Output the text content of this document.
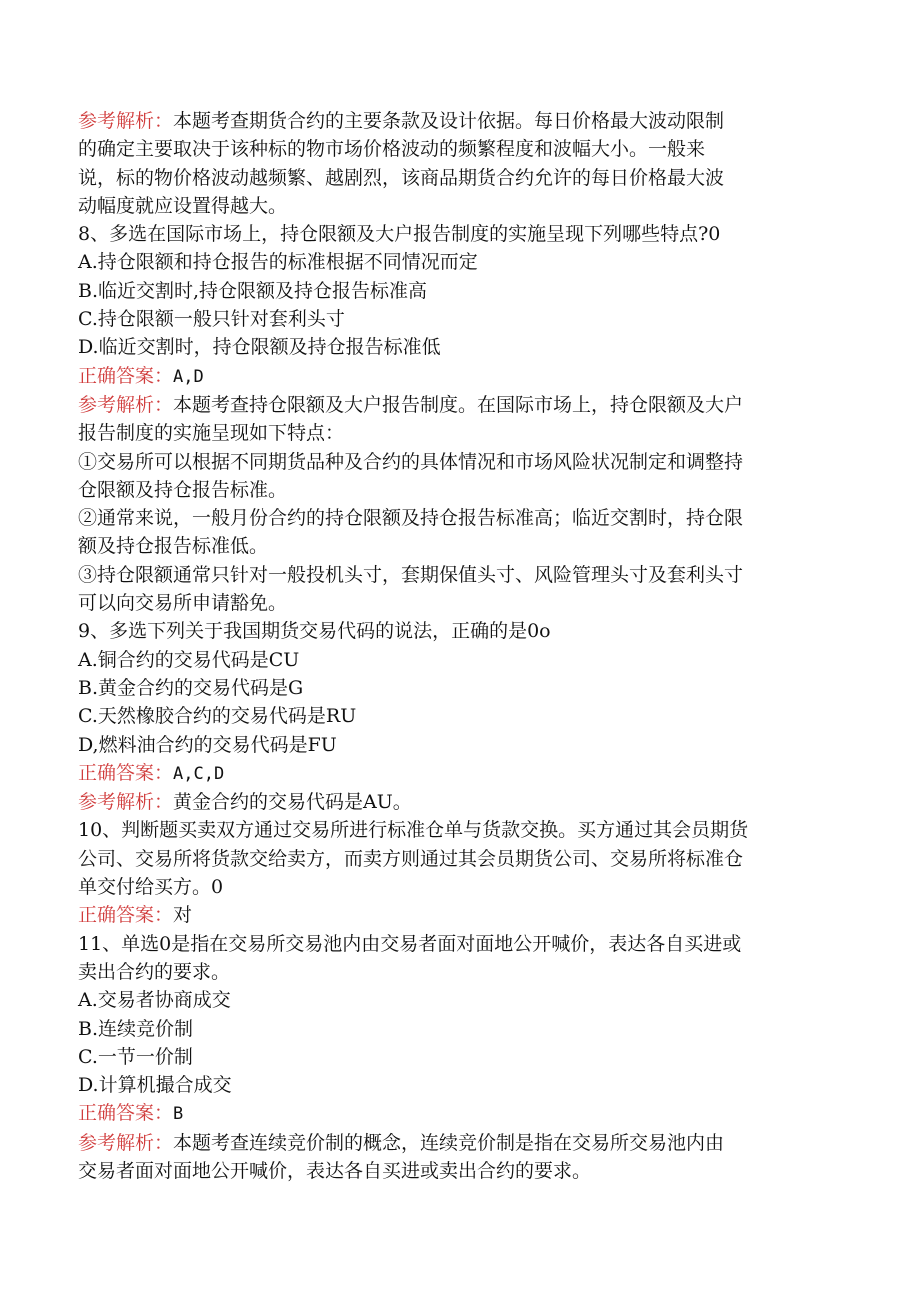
参考解析：本题考查期货合约的主要条款及设计依据。每日价格最大波动限制
的确定主要取决于该种标的物市场价格波动的频繁程度和波幅大小。一般来
说，标的物价格波动越频繁、越剧烈，该商品期货合约允许的每日价格最大波
动幅度就应设置得越大。
8、多选在国际市场上，持仓限额及大户报告制度的实施呈现下列哪些特点?0
A.持仓限额和持仓报告的标准根据不同情况而定
B.临近交割时,持仓限额及持仓报告标准高
C.持仓限额一般只针对套利头寸
D.临近交割时，持仓限额及持仓报告标准低
正确答案：A,D
参考解析：本题考查持仓限额及大户报告制度。在国际市场上，持仓限额及大户
报告制度的实施呈现如下特点：
①交易所可以根据不同期货品种及合约的具体情况和市场风险状况制定和调整持
仓限额及持仓报告标准。
②通常来说，一般月份合约的持仓限额及持仓报告标准高；临近交割时，持仓限
额及持仓报告标准低。
③持仓限额通常只针对一般投机头寸，套期保值头寸、风险管理头寸及套利头寸
可以向交易所申请豁免。
9、多选下列关于我国期货交易代码的说法，正确的是0o
A.铜合约的交易代码是CU
B.黄金合约的交易代码是G
C.天然橡胶合约的交易代码是RU
D,燃料油合约的交易代码是FU
正确答案：A,C,D
参考解析：黄金合约的交易代码是AU。
10、判断题买卖双方通过交易所进行标准仓单与货款交换。买方通过其会员期货
公司、交易所将货款交给卖方，而卖方则通过其会员期货公司、交易所将标准仓
单交付给买方。0
正确答案：对
11、单选0是指在交易所交易池内由交易者面对面地公开喊价，表达各自买进或
卖出合约的要求。
A.交易者协商成交
B.连续竞价制
C.一节一价制
D.计算机撮合成交
正确答案：B
参考解析：本题考查连续竞价制的概念，连续竞价制是指在交易所交易池内由
交易者面对面地公开喊价，表达各自买进或卖出合约的要求。
